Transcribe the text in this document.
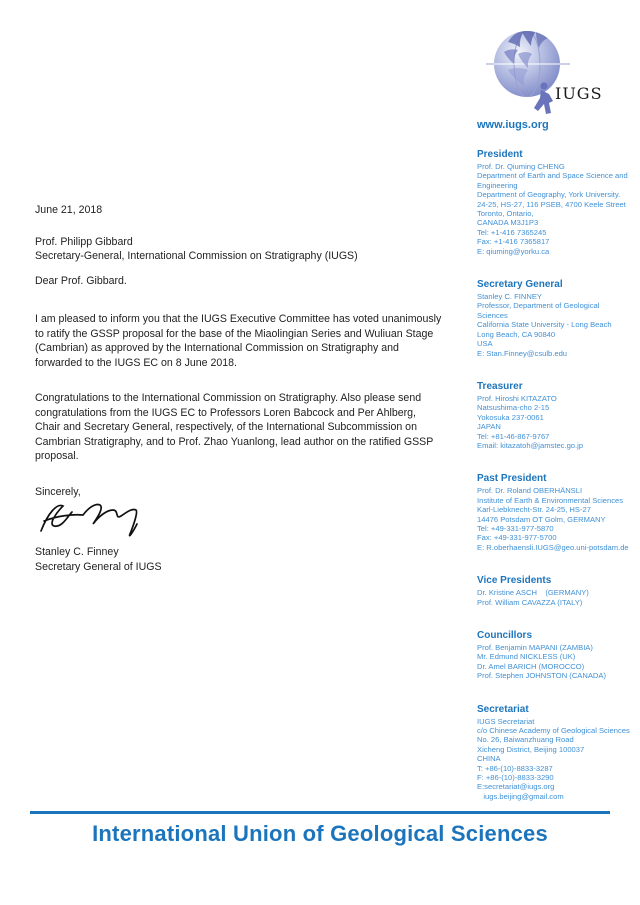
IUGS
www.iugs.org
President
Prof. Dr. Qiuming CHENG
Department of Earth and Space Science and
Engineering
Department of Geography, York University.
24-25, HS-27, 116 PSEB, 4700 Keele Street
Toronto, Ontario,
CANADA M3J1P3
Tel: +1-416 7365245
Fax: +1-416 7365817
E: qiuming@yorku.ca
Secretary General
Stanley C. FINNEY
Professor, Department of Geological
Sciences
California State University - Long Beach
Long Beach, CA 90840
USA
E: Stan.Finney@csulb.edu
Treasurer
Prof. Hiroshi KITAZATO
Natsushima-cho 2-15
Yokosuka 237-0061
JAPAN
Tel: +81-46-867-9767
Email: kitazatoh@jamstec.go.jp
Past President
Prof. Dr. Roland OBERHÄNSLI
Institute of Earth & Environmental Sciences
Karl-Liebknecht-Str. 24-25, HS-27
14476 Potsdam OT Golm, GERMANY
Tel: +49-331-977-5870
Fax: +49-331-977-5700
E: R.oberhaensli.IUGS@geo.uni-potsdam.de
Vice Presidents
Dr. Kristine ASCH    (GERMANY)
Prof. William CAVAZZA (ITALY)
Councillors
Prof. Benjamin MAPANI (ZAMBIA)
Mr. Edmund NICKLESS (UK)
Dr. Amel BARICH (MOROCCO)
Prof. Stephen JOHNSTON (CANADA)
Secretariat
IUGS Secretariat
c/o Chinese Academy of Geological Sciences
No. 26, Baiwanzhuang Road
Xicheng District, Beijing 100037
CHINA
T: +86-(10)-8833-3287
F: +86-(10)-8833-3290
E:secretariat@iugs.org
iugs.beijing@gmail.com
June 21, 2018
Prof. Philipp Gibbard
Secretary-General, International Commission on Stratigraphy (IUGS)
Dear Prof. Gibbard.
I am pleased to inform you that the IUGS Executive Committee has voted unanimously
to ratify the GSSP proposal for the base of the Miaolingian Series and Wuliuan Stage
(Cambrian) as approved by the International Commission on Stratigraphy and
forwarded to the IUGS EC on 8 June 2018.
Congratulations to the International Commission on Stratigraphy. Also please send
congratulations from the IUGS EC to Professors Loren Babcock and Per Ahlberg,
Chair and Secretary General, respectively, of the International Subcommission on
Cambrian Stratigraphy, and to Prof. Zhao Yuanlong, lead author on the ratified GSSP
proposal.
Sincerely,
Stanley C. Finney
Secretary General of IUGS
International Union of Geological Sciences
